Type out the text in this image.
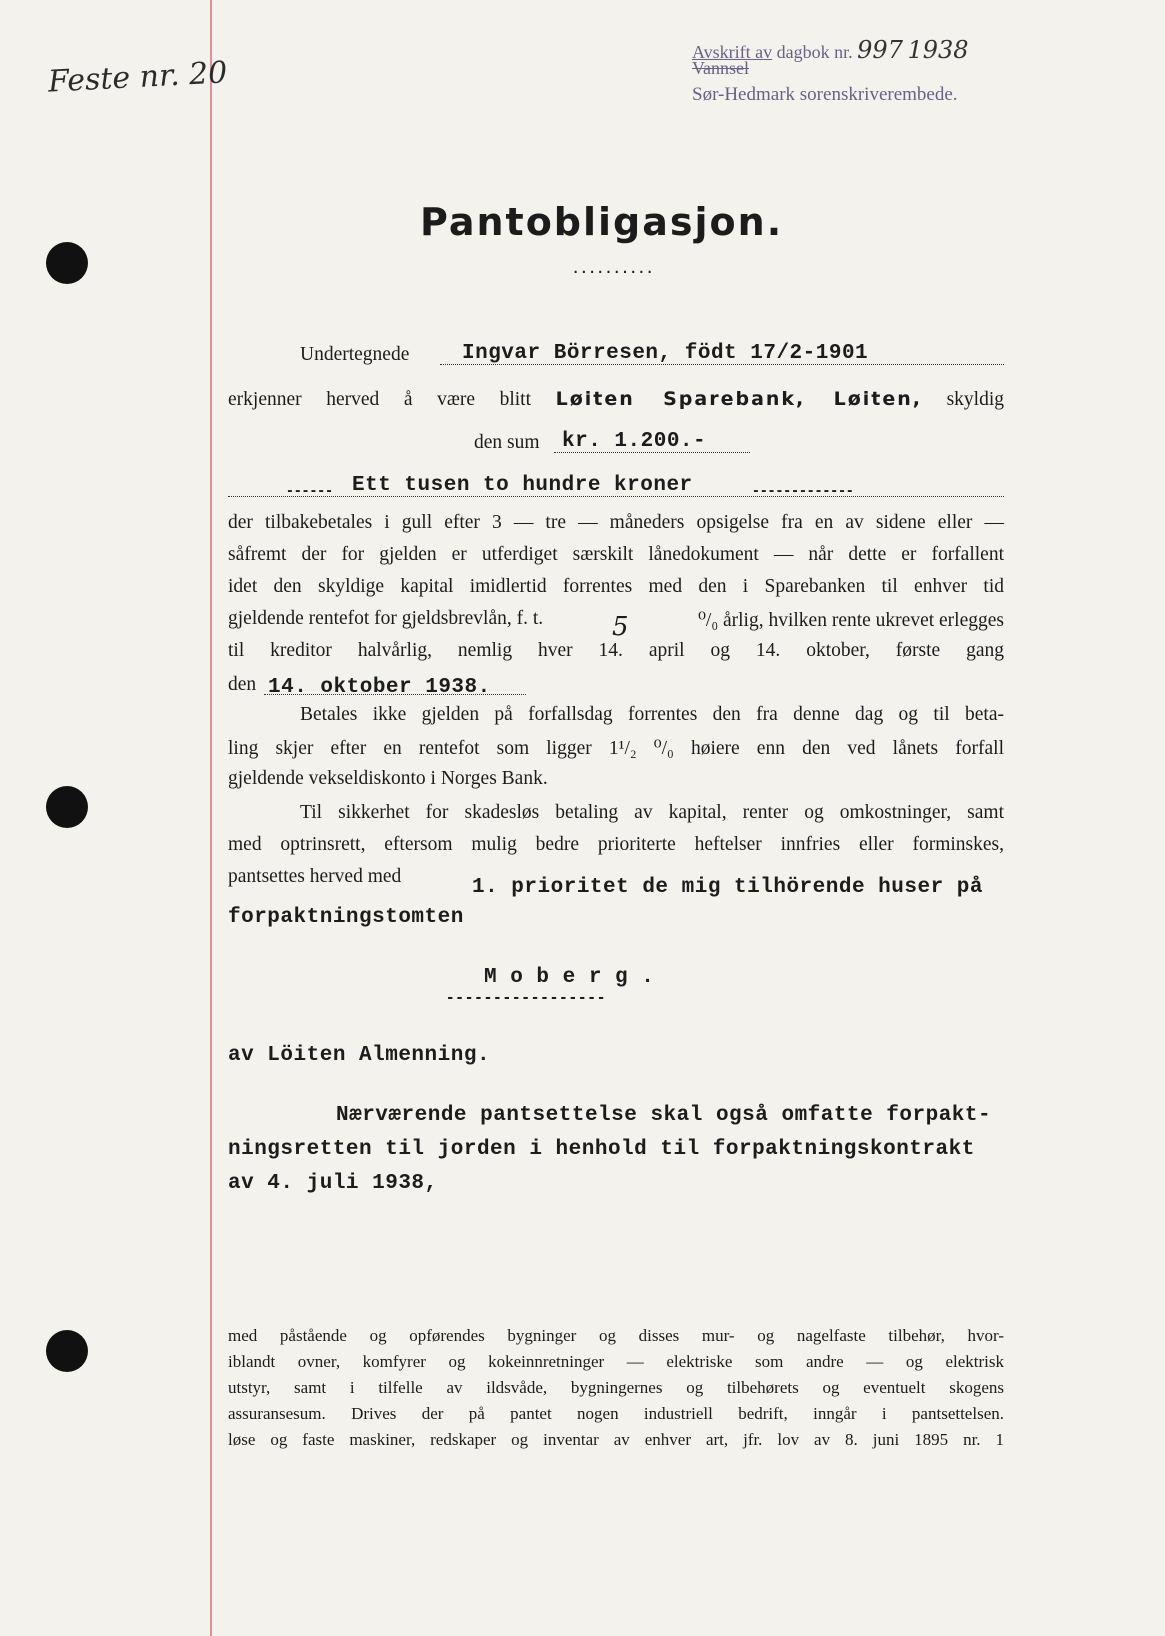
Feste nr. 20
Avskrift av dagbok nr. 997 1938
Vannsel
Sør-Hedmark sorenskriverembede.
Pantobligasjon.
..........
Undertegnede	Ingvar Börresen, födt 17/2-1901
erkjenner herved å være blitt Løiten Sparebank, Løiten, skyldig
den sum kr. 1.200.-
------ Ett tusen to hundre kroner	-------------
der tilbakebetales i gull efter 3 — tre — måneders opsigelse fra en av sidene eller —
såfremt der for gjelden er utferdiget særskilt lånedokument — når dette er forfallent
idet den skyldige kapital imidlertid forrentes med den i Sparebanken til enhver tid
gjeldende rentefot for gjeldsbrevlån, f. t.	5	⁰/₀ årlig, hvilken rente ukrevet erlegges
til kreditor halvårlig, nemlig hver 14. april og 14. oktober, første gang
den 14. oktober 1938.
Betales ikke gjelden på forfallsdag forrentes den fra denne dag og til beta-
ling skjer efter en rentefot som ligger 1¹/₂ ⁰/₀ høiere enn den ved lånets forfall
gjeldende vekseldiskonto i Norges Bank.
Til sikkerhet for skadesløs betaling av kapital, renter og omkostninger, samt
med optrinsrett, eftersom mulig bedre prioriterte heftelser innfries eller forminskes,
pantsettes herved med	1. prioritet de mig tilhörende huser på
forpaktningstomten
M o b e r g .
-----------------
av Löiten Almenning.
Nærværende pantsettelse skal også omfatte forpakt-
ningsretten til jorden i henhold til forpaktningskontrakt
av 4. juli 1938,
med påstående og opførendes bygninger og disses mur- og nagelfaste tilbehør, hvor-
iblandt ovner, komfyrer og kokeinnretninger — elektriske som andre — og elektrisk
utstyr, samt i tilfelle av ildsvåde, bygningernes og tilbehørets og eventuelt skogens
assuransesum. Drives der på pantet nogen industriell bedrift, inngår i pantsettelsen.
løse og faste maskiner, redskaper og inventar av enhver art, jfr. lov av 8. juni 1895 nr. 1
